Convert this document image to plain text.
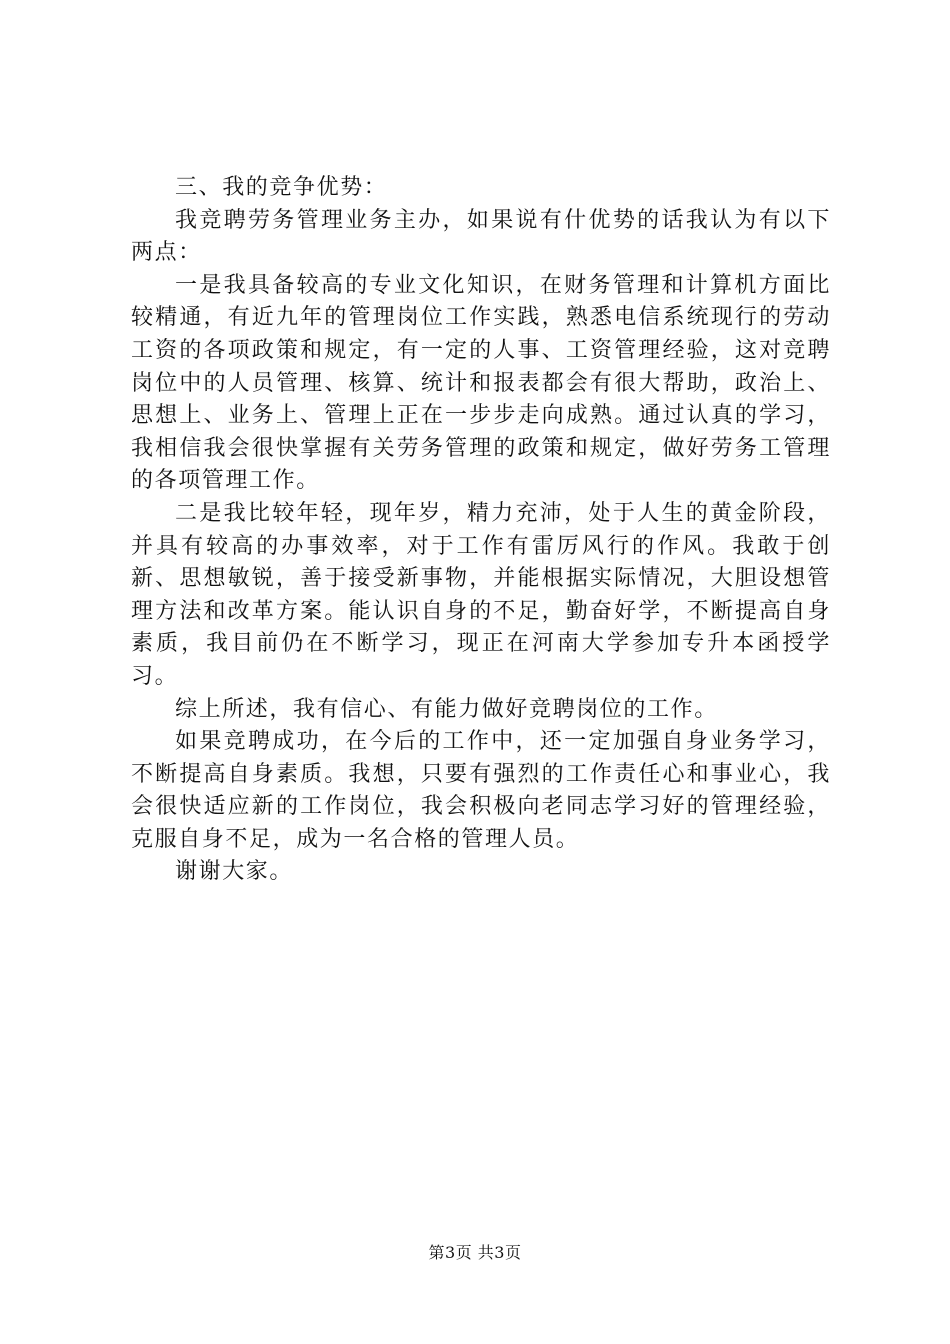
三、我的竞争优势：

我竞聘劳务管理业务主办，如果说有什优势的话我认为有以下两点：

一是我具备较高的专业文化知识，在财务管理和计算机方面比较精通，有近九年的管理岗位工作实践，熟悉电信系统现行的劳动工资的各项政策和规定，有一定的人事、工资管理经验，这对竞聘岗位中的人员管理、核算、统计和报表都会有很大帮助，政治上、思想上、业务上、管理上正在一步步走向成熟。通过认真的学习，我相信我会很快掌握有关劳务管理的政策和规定，做好劳务工管理的各项管理工作。

二是我比较年轻，现年岁，精力充沛，处于人生的黄金阶段，并具有较高的办事效率，对于工作有雷厉风行的作风。我敢于创新、思想敏锐，善于接受新事物，并能根据实际情况，大胆设想管理方法和改革方案。能认识自身的不足，勤奋好学，不断提高自身素质，我目前仍在不断学习，现正在河南大学参加专升本函授学习。

综上所述，我有信心、有能力做好竞聘岗位的工作。

如果竞聘成功，在今后的工作中，还一定加强自身业务学习，不断提高自身素质。我想，只要有强烈的工作责任心和事业心，我会很快适应新的工作岗位，我会积极向老同志学习好的管理经验，克服自身不足，成为一名合格的管理人员。

谢谢大家。

第3页 共3页
